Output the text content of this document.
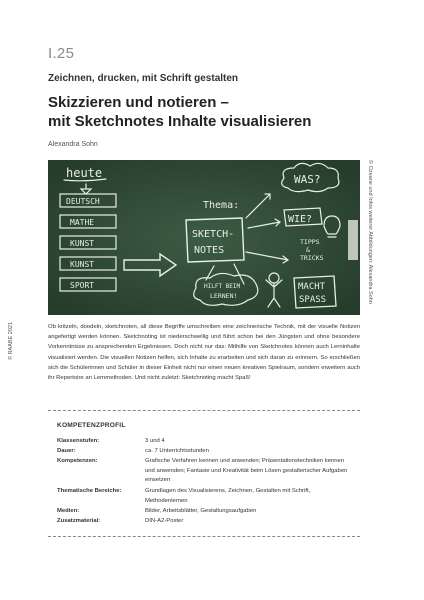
I.25
Zeichnen, drucken, mit Schrift gestalten
Skizzieren und notieren –
mit Sketchnotes Inhalte visualisieren
Alexandra Sohn
heute
DEUTSCH
MATHE
KUNST
KUNST
SPORT
Thema:
SKETCH-
NOTES
WAS?
WIE?
TIPPS
&
TRICKS
HILFT BEIM
LERNEN!
MACHT
SPASS
© RAABE 2021
© Ozeane und Infos weiterer Abbildungen: Alexandra Sohn
Ob kritzeln, doodeln, sketchnoten, all diese Begriffe umschreiben eine zeichnerische Technik, mit der visuelle Notizen angefertigt werden können. Sketchnoting ist niederschwellig und führt schon bei den Jüngsten und ohne besondere Vorkenntnisse zu ansprechenden Ergebnissen. Doch nicht nur das: Mithilfe von Sketchnotes können auch Lerninhalte visualisiert werden. Die visuellen Notizen helfen, sich Inhalte zu erarbeiten und sich daran zu erinnern. So erschließen sich die Schülerinnen und Schüler in dieser Einheit nicht nur einen neuen kreativen Spielraum, sondern erweitern auch ihr Repertoire an Lernmethoden. Und nicht zuletzt: Sketchnoting macht Spaß!
KOMPETENZPROFIL
Klassenstufen:	3 und 4
Dauer:	ca. 7 Unterrichtsstunden
Kompetenzen:	Grafische Verfahren kennen und anwenden; Präsentationstechniken kennen und anwenden; Fantasie und Kreativität beim Lösen gestalterischer Aufgaben einsetzen
Thematische Bereiche:	Grundlagen des Visualisierens, Zeichnen, Gestalten mit Schrift, Methodenlernen
Medien:	Bilder, Arbeitsblätter, Gestaltungsaufgaben
Zusatzmaterial:	DIN-A2-Poster
